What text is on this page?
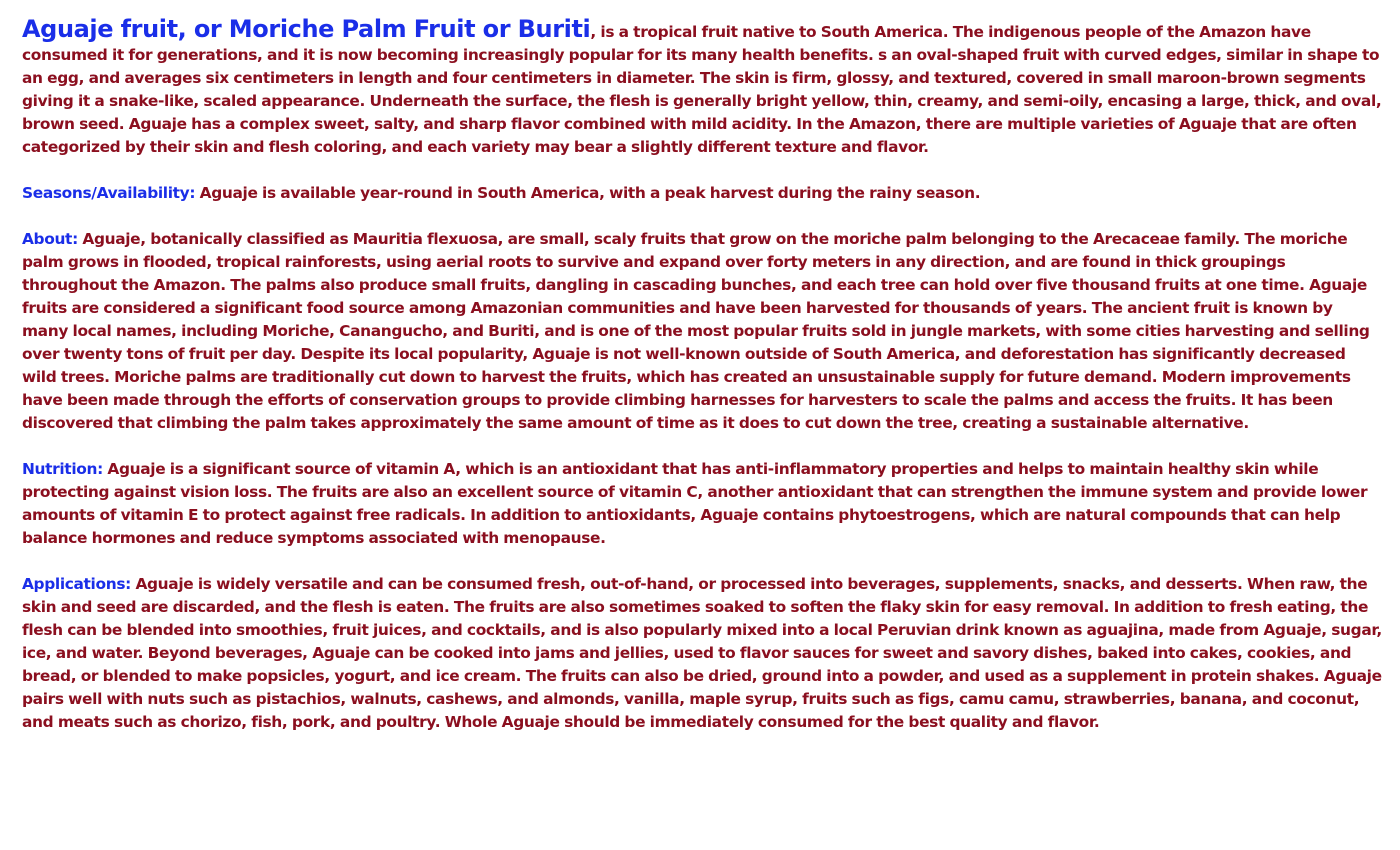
Aguaje fruit, or Moriche Palm Fruit or Buriti, is a tropical fruit native to South America. The indigenous people of the Amazon have consumed it for generations, and it is now becoming increasingly popular for its many health benefits. s an oval-shaped fruit with curved edges, similar in shape to an egg, and averages six centimeters in length and four centimeters in diameter. The skin is firm, glossy, and textured, covered in small maroon-brown segments giving it a snake-like, scaled appearance. Underneath the surface, the flesh is generally bright yellow, thin, creamy, and semi-oily, encasing a large, thick, and oval, brown seed. Aguaje has a complex sweet, salty, and sharp flavor combined with mild acidity. In the Amazon, there are multiple varieties of Aguaje that are often categorized by their skin and flesh coloring, and each variety may bear a slightly different texture and flavor.

Seasons/Availability: Aguaje is available year-round in South America, with a peak harvest during the rainy season.

About: Aguaje, botanically classified as Mauritia flexuosa, are small, scaly fruits that grow on the moriche palm belonging to the Arecaceae family. The moriche palm grows in flooded, tropical rainforests, using aerial roots to survive and expand over forty meters in any direction, and are found in thick groupings throughout the Amazon. The palms also produce small fruits, dangling in cascading bunches, and each tree can hold over five thousand fruits at one time. Aguaje fruits are considered a significant food source among Amazonian communities and have been harvested for thousands of years. The ancient fruit is known by many local names, including Moriche, Canangucho, and Buriti, and is one of the most popular fruits sold in jungle markets, with some cities harvesting and selling over twenty tons of fruit per day. Despite its local popularity, Aguaje is not well-known outside of South America, and deforestation has significantly decreased wild trees. Moriche palms are traditionally cut down to harvest the fruits, which has created an unsustainable supply for future demand. Modern improvements have been made through the efforts of conservation groups to provide climbing harnesses for harvesters to scale the palms and access the fruits. It has been discovered that climbing the palm takes approximately the same amount of time as it does to cut down the tree, creating a sustainable alternative.

Nutrition: Aguaje is a significant source of vitamin A, which is an antioxidant that has anti-inflammatory properties and helps to maintain healthy skin while protecting against vision loss. The fruits are also an excellent source of vitamin C, another antioxidant that can strengthen the immune system and provide lower amounts of vitamin E to protect against free radicals. In addition to antioxidants, Aguaje contains phytoestrogens, which are natural compounds that can help balance hormones and reduce symptoms associated with menopause.

Applications: Aguaje is widely versatile and can be consumed fresh, out-of-hand, or processed into beverages, supplements, snacks, and desserts. When raw, the skin and seed are discarded, and the flesh is eaten. The fruits are also sometimes soaked to soften the flaky skin for easy removal. In addition to fresh eating, the flesh can be blended into smoothies, fruit juices, and cocktails, and is also popularly mixed into a local Peruvian drink known as aguajina, made from Aguaje, sugar, ice, and water. Beyond beverages, Aguaje can be cooked into jams and jellies, used to flavor sauces for sweet and savory dishes, baked into cakes, cookies, and bread, or blended to make popsicles, yogurt, and ice cream. The fruits can also be dried, ground into a powder, and used as a supplement in protein shakes. Aguaje pairs well with nuts such as pistachios, walnuts, cashews, and almonds, vanilla, maple syrup, fruits such as figs, camu camu, strawberries, banana, and coconut, and meats such as chorizo, fish, pork, and poultry. Whole Aguaje should be immediately consumed for the best quality and flavor.
